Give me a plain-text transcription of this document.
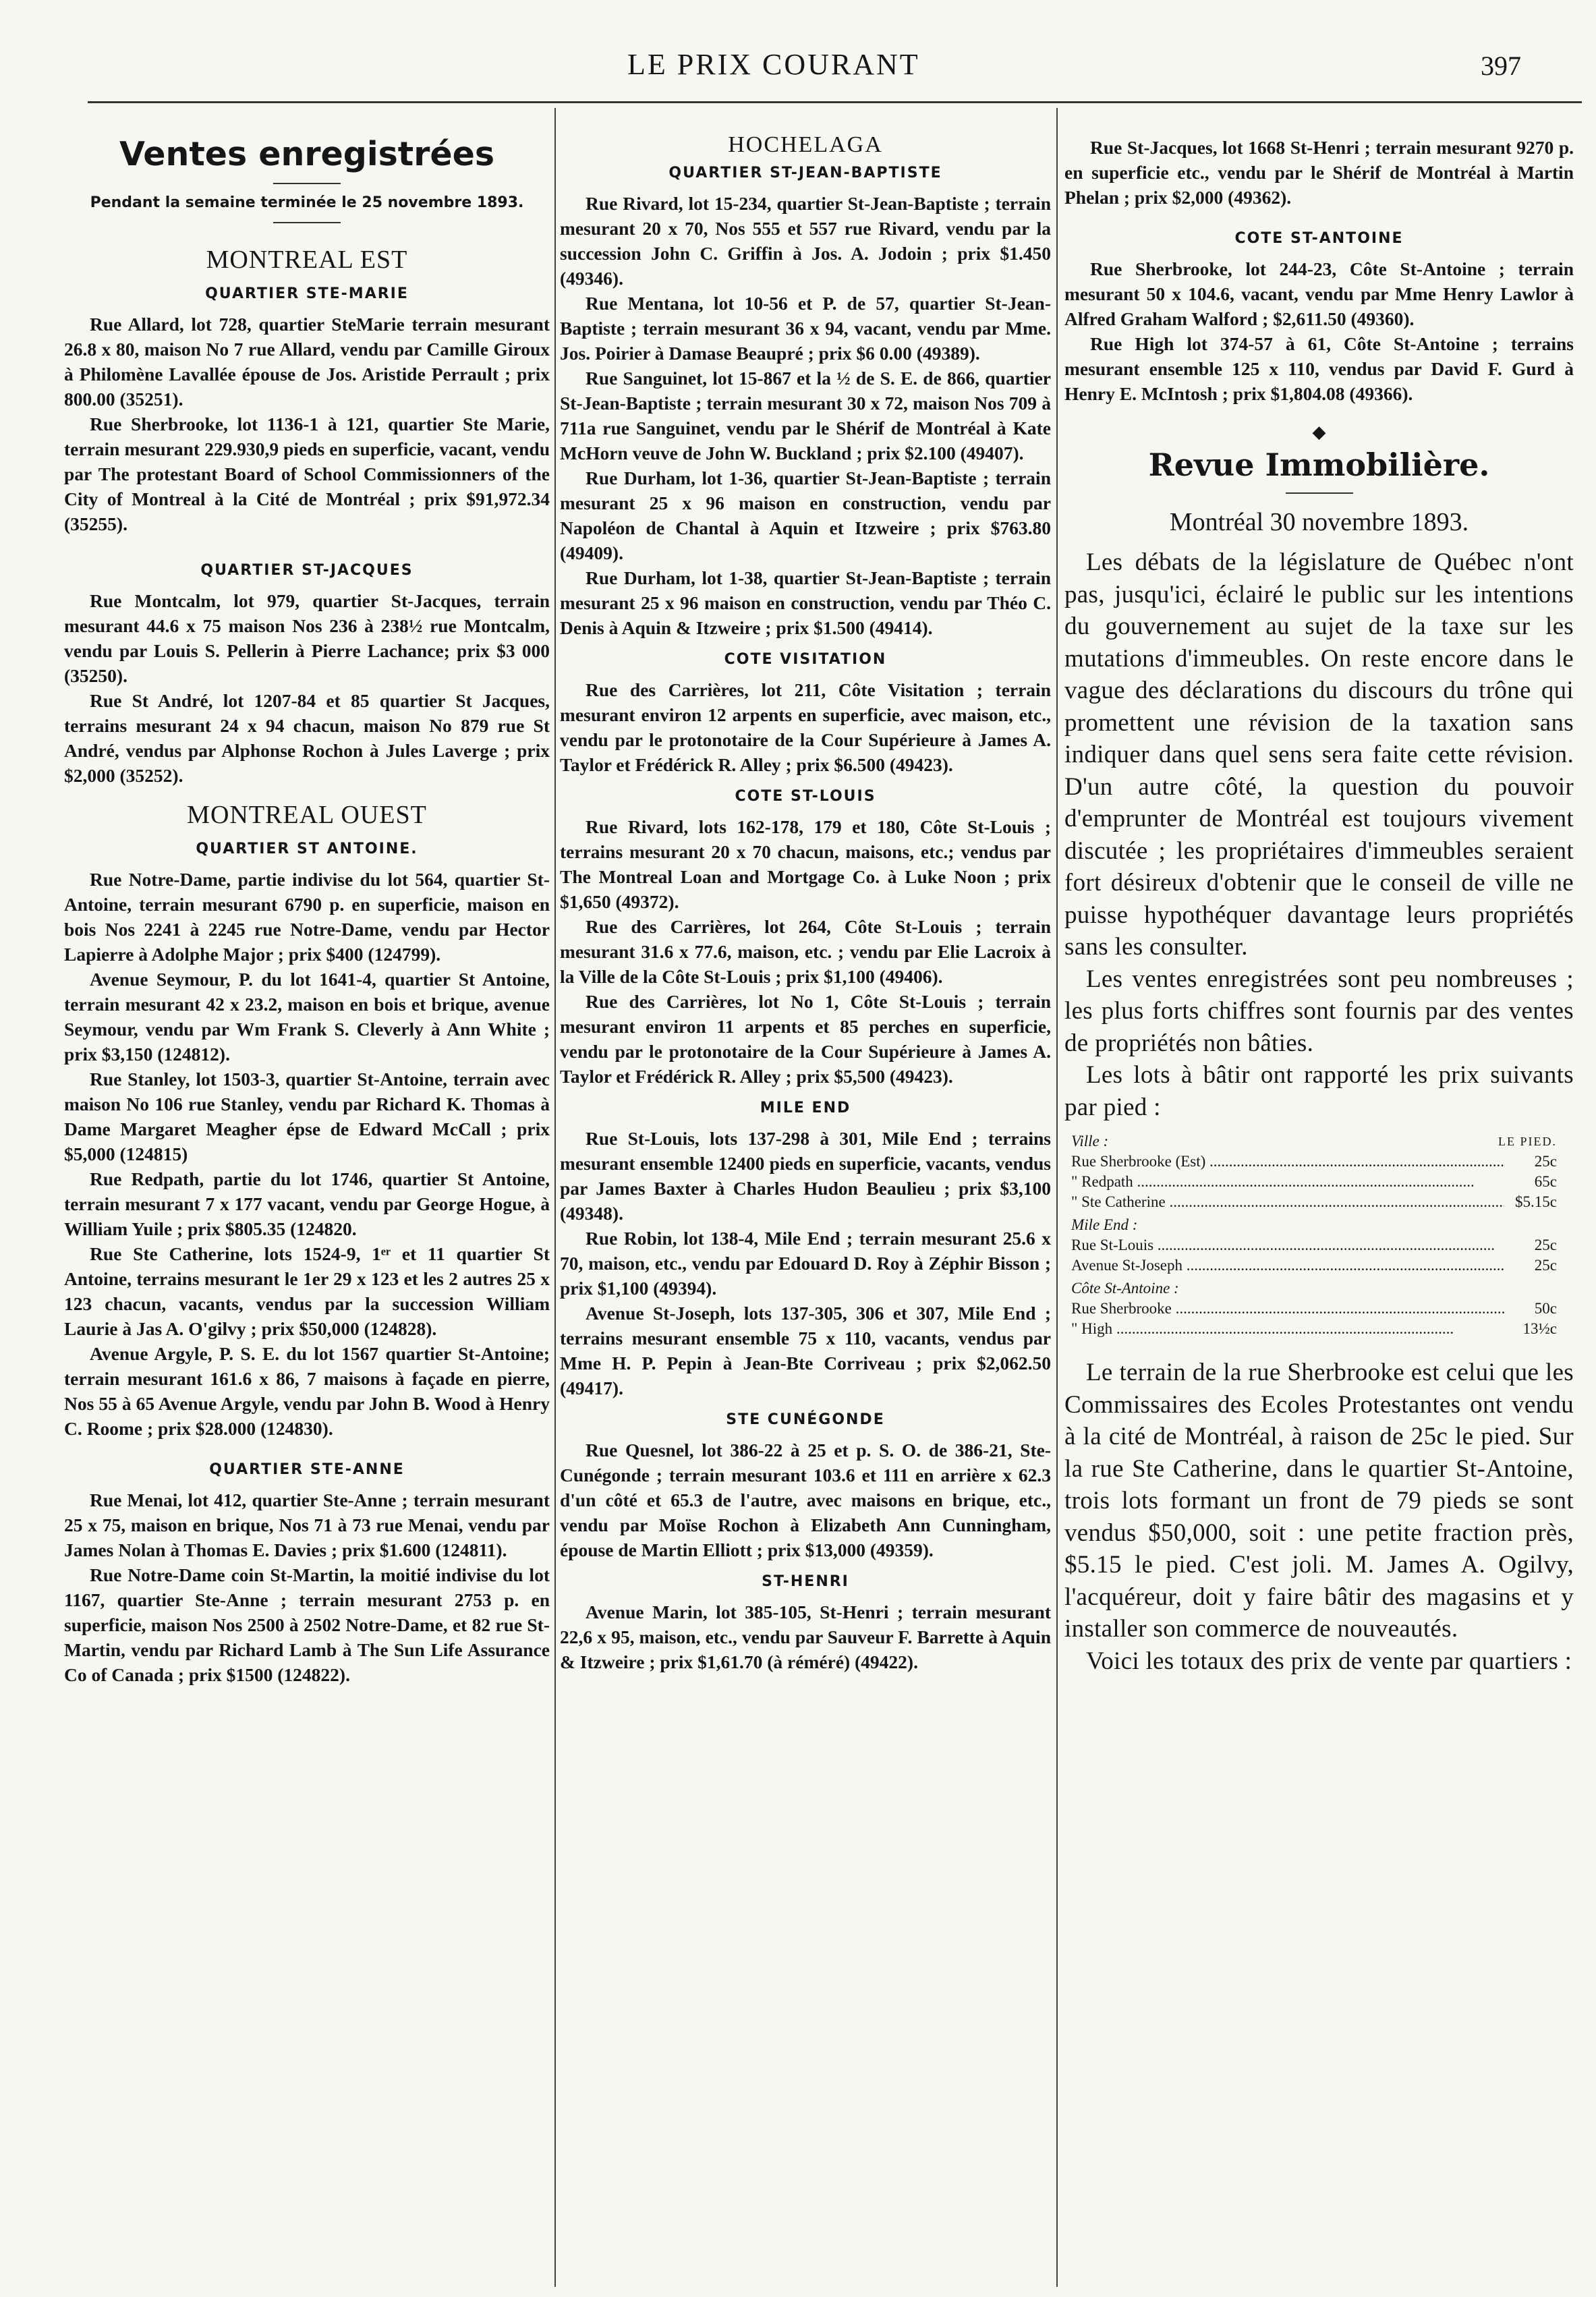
LE PRIX COURANT	397
Ventes enregistrées
Pendant la semaine terminée le 25 novembre 1893.
MONTREAL EST
QUARTIER STE-MARIE

Rue Allard, lot 728, quartier SteMarie terrain mesurant 26.8 x 80, maison No 7 rue Allard, vendu par Camille Giroux à Philomène Lavallée épouse de Jos. Aristide Perrault ; prix 800.00 (35251).

Rue Sherbrooke, lot 1136-1 à 121, quartier Ste Marie, terrain mesurant 229.930,9 pieds en superficie, vacant, vendu par The protestant Board of School Commissionners of the City of Montreal à la Cité de Montréal ; prix $91,972.34 (35255).

QUARTIER ST-JACQUES

Rue Montcalm, lot 979, quartier St-Jacques, terrain mesurant 44.6 x 75 maison Nos 236 à 238½ rue Montcalm, vendu par Louis S. Pellerin à Pierre Lachance; prix $3 000 (35250).

Rue St André, lot 1207-84 et 85 quartier St Jacques, terrains mesurant 24 x 94 chacun, maison No 879 rue St André, vendus par Alphonse Rochon à Jules Laverge ; prix $2,000 (35252).

MONTREAL OUEST
QUARTIER ST ANTOINE.

Rue Notre-Dame, partie indivise du lot 564, quartier St-Antoine, terrain mesurant 6790 p. en superficie, maison en bois Nos 2241 à 2245 rue Notre-Dame, vendu par Hector Lapierre à Adolphe Major ; prix $400 (124799).

Avenue Seymour, P. du lot 1641-4, quartier St Antoine, terrain mesurant 42 x 23.2, maison en bois et brique, avenue Seymour, vendu par Wm Frank S. Cleverly à Ann White ; prix $3,150 (124812).

Rue Stanley, lot 1503-3, quartier St-Antoine, terrain avec maison No 106 rue Stanley, vendu par Richard K. Thomas à Dame Margaret Meagher épse de Edward McCall ; prix $5,000 (124815)

Rue Redpath, partie du lot 1746, quartier St Antoine, terrain mesurant 7 x 177 vacant, vendu par George Hogue, à William Yuile ; prix $805.35 (124820.

Rue Ste Catherine, lots 1524-9, 1ᵉʳ et 11 quartier St Antoine, terrains mesurant le 1er 29 x 123 et les 2 autres 25 x 123 chacun, vacants, vendus par la succession William Laurie à Jas A. O'gilvy ; prix $50,000 (124828).

Avenue Argyle, P. S. E. du lot 1567 quartier St-Antoine; terrain mesurant 161.6 x 86, 7 maisons à façade en pierre, Nos 55 à 65 Avenue Argyle, vendu par John B. Wood à Henry C. Roome ; prix $28.000 (124830).

QUARTIER STE-ANNE

Rue Menai, lot 412, quartier Ste-Anne ; terrain mesurant 25 x 75, maison en brique, Nos 71 à 73 rue Menai, vendu par James Nolan à Thomas E. Davies ; prix $1.600 (124811).

Rue Notre-Dame coin St-Martin, la moitié indivise du lot 1167, quartier Ste-Anne ; terrain mesurant 2753 p. en superficie, maison Nos 2500 à 2502 Notre-Dame, et 82 rue St-Martin, vendu par Richard Lamb à The Sun Life Assurance Co of Canada ; prix $1500 (124822).

HOCHELAGA
QUARTIER ST-JEAN-BAPTISTE

Rue Rivard, lot 15-234, quartier St-Jean-Baptiste ; terrain mesurant 20 x 70, Nos 555 et 557 rue Rivard, vendu par la succession John C. Griffin à Jos. A. Jodoin ; prix $1.450 (49346).

Rue Mentana, lot 10-56 et P. de 57, quartier St-Jean-Baptiste ; terrain mesurant 36 x 94, vacant, vendu par Mme. Jos. Poirier à Damase Beaupré ; prix $6 0.00 (49389).

Rue Sanguinet, lot 15-867 et la ½ de S. E. de 866, quartier St-Jean-Baptiste ; terrain mesurant 30 x 72, maison Nos 709 à 711a rue Sanguinet, vendu par le Shérif de Montréal à Kate McHorn veuve de John W. Buckland ; prix $2.100 (49407).

Rue Durham, lot 1-36, quartier St-Jean-Baptiste ; terrain mesurant 25 x 96 maison en construction, vendu par Napoléon de Chantal à Aquin et Itzweire ; prix $763.80 (49409).

Rue Durham, lot 1-38, quartier St-Jean-Baptiste ; terrain mesurant 25 x 96 maison en construction, vendu par Théo C. Denis à Aquin & Itzweire ; prix $1.500 (49414).

COTE VISITATION

Rue des Carrières, lot 211, Côte Visitation ; terrain mesurant environ 12 arpents en superficie, avec maison, etc., vendu par le protonotaire de la Cour Supérieure à James A. Taylor et Frédérick R. Alley ; prix $6.500 (49423).

COTE ST-LOUIS

Rue Rivard, lots 162-178, 179 et 180, Côte St-Louis ; terrains mesurant 20 x 70 chacun, maisons, etc.; vendus par The Montreal Loan and Mortgage Co. à Luke Noon ; prix $1,650 (49372).

Rue des Carrières, lot 264, Côte St-Louis ; terrain mesurant 31.6 x 77.6, maison, etc. ; vendu par Elie Lacroix à la Ville de la Côte St-Louis ; prix $1,100 (49406).

Rue des Carrières, lot No 1, Côte St-Louis ; terrain mesurant environ 11 arpents et 85 perches en superficie, vendu par le protonotaire de la Cour Supérieure à James A. Taylor et Frédérick R. Alley ; prix $5,500 (49423).

MILE END

Rue St-Louis, lots 137-298 à 301, Mile End ; terrains mesurant ensemble 12400 pieds en superficie, vacants, vendus par James Baxter à Charles Hudon Beaulieu ; prix $3,100 (49348).

Rue Robin, lot 138-4, Mile End ; terrain mesurant 25.6 x 70, maison, etc., vendu par Edouard D. Roy à Zéphir Bisson ; prix $1,100 (49394).

Avenue St-Joseph, lots 137-305, 306 et 307, Mile End ; terrains mesurant ensemble 75 x 110, vacants, vendus par Mme H. P. Pepin à Jean-Bte Corriveau ; prix $2,062.50 (49417).

STE CUNÉGONDE

Rue Quesnel, lot 386-22 à 25 et p. S. O. de 386-21, Ste-Cunégonde ; terrain mesurant 103.6 et 111 en arrière x 62.3 d'un côté et 65.3 de l'autre, avec maisons en brique, etc., vendu par Moïse Rochon à Elizabeth Ann Cunningham, épouse de Martin Elliott ; prix $13,000 (49359).

ST-HENRI

Avenue Marin, lot 385-105, St-Henri ; terrain mesurant 22,6 x 95, maison, etc., vendu par Sauveur F. Barrette à Aquin & Itzweire ; prix $1,61.70 (à réméré) (49422).

Rue St-Jacques, lot 1668 St-Henri ; terrain mesurant 9270 p. en superficie etc., vendu par le Shérif de Montréal à Martin Phelan ; prix $2,000 (49362).

COTE ST-ANTOINE

Rue Sherbrooke, lot 244-23, Côte St-Antoine ; terrain mesurant 50 x 104.6, vacant, vendu par Mme Henry Lawlor à Alfred Graham Walford ; $2,611.50 (49360).

Rue High lot 374-57 à 61, Côte St-Antoine ; terrains mesurant ensemble 125 x 110, vendus par David F. Gurd à Henry E. McIntosh ; prix $1,804.08 (49366).

◆
Revue Immobilière.
Montréal 30 novembre 1893.

Les débats de la législature de Québec n'ont pas, jusqu'ici, éclairé le public sur les intentions du gouvernement au sujet de la taxe sur les mutations d'immeubles. On reste encore dans le vague des déclarations du discours du trône qui promettent une révision de la taxation sans indiquer dans quel sens sera faite cette révision. D'un autre côté, la question du pouvoir d'emprunter de Montréal est toujours vivement discutée ; les propriétaires d'immeubles seraient fort désireux d'obtenir que le conseil de ville ne puisse hypothéquer davantage leurs propriétés sans les consulter.

Les ventes enregistrées sont peu nombreuses ; les plus forts chiffres sont fournis par des ventes de propriétés non bâties.

Les lots à bâtir ont rapporté les prix suivants par pied :

Ville :	LE PIED.
Rue Sherbrooke (Est) .....	25c
" Redpath .....	65c
" Ste Catherine .....	$5.15c
Mile End :
Rue St-Louis .....	25c
Avenue St-Joseph .....	25c
Côte St-Antoine :
Rue Sherbrooke .....	50c
" High .....	13½c

Le terrain de la rue Sherbrooke est celui que les Commissaires des Ecoles Protestantes ont vendu à la cité de Montréal, à raison de 25c le pied. Sur la rue Ste Catherine, dans le quartier St-Antoine, trois lots formant un front de 79 pieds se sont vendus $50,000, soit : une petite fraction près, $5.15 le pied. C'est joli. M. James A. Ogilvy, l'acquéreur, doit y faire bâtir des magasins et y installer son commerce de nouveautés.

Voici les totaux des prix de vente par quartiers :
